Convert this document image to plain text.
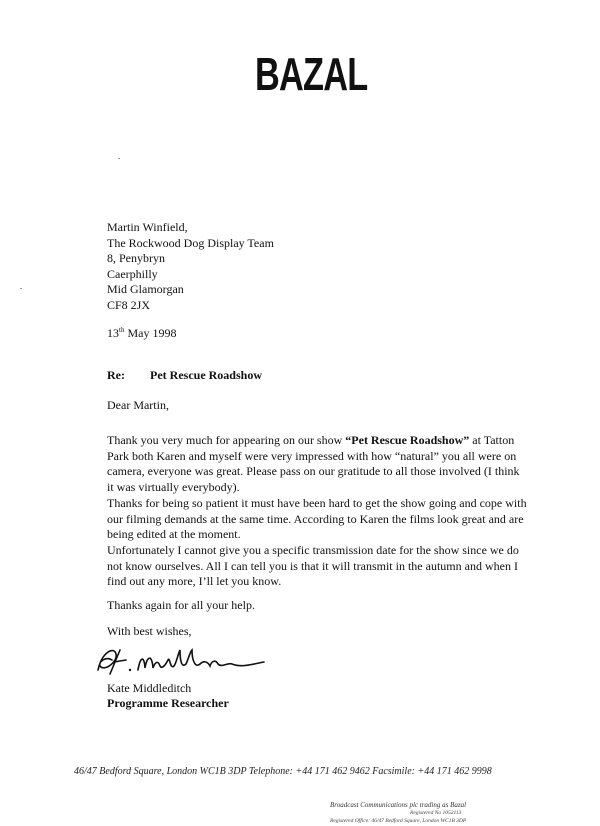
BAZAL
Martin Winfield,
The Rockwood Dog Display Team
8, Penybryn
Caerphilly
Mid Glamorgan
CF8 2JX
13th May 1998
Re: Pet Rescue Roadshow
Dear Martin,
Thank you very much for appearing on our show “Pet Rescue Roadshow” at Tatton Park both Karen and myself were very impressed with how “natural” you all were on camera, everyone was great. Please pass on our gratitude to all those involved (I think it was virtually everybody).
Thanks for being so patient it must have been hard to get the show going and cope with our filming demands at the same time. According to Karen the films look great and are being edited at the moment.
Unfortunately I cannot give you a specific transmission date for the show since we do not know ourselves. All I can tell you is that it will transmit in the autumn and when I find out any more, I’ll let you know.
Thanks again for all your help.
With best wishes,
Kate Middleditch
Programme Researcher
46/47 Bedford Square, London WC1B 3DP Telephone: +44 171 462 9462 Facsimile: +44 171 462 9998
Broadcast Communications plc trading as Bazal
Registered No 1052113
Registered Office: 46/47 Bedford Square, London WC1B 3DP
